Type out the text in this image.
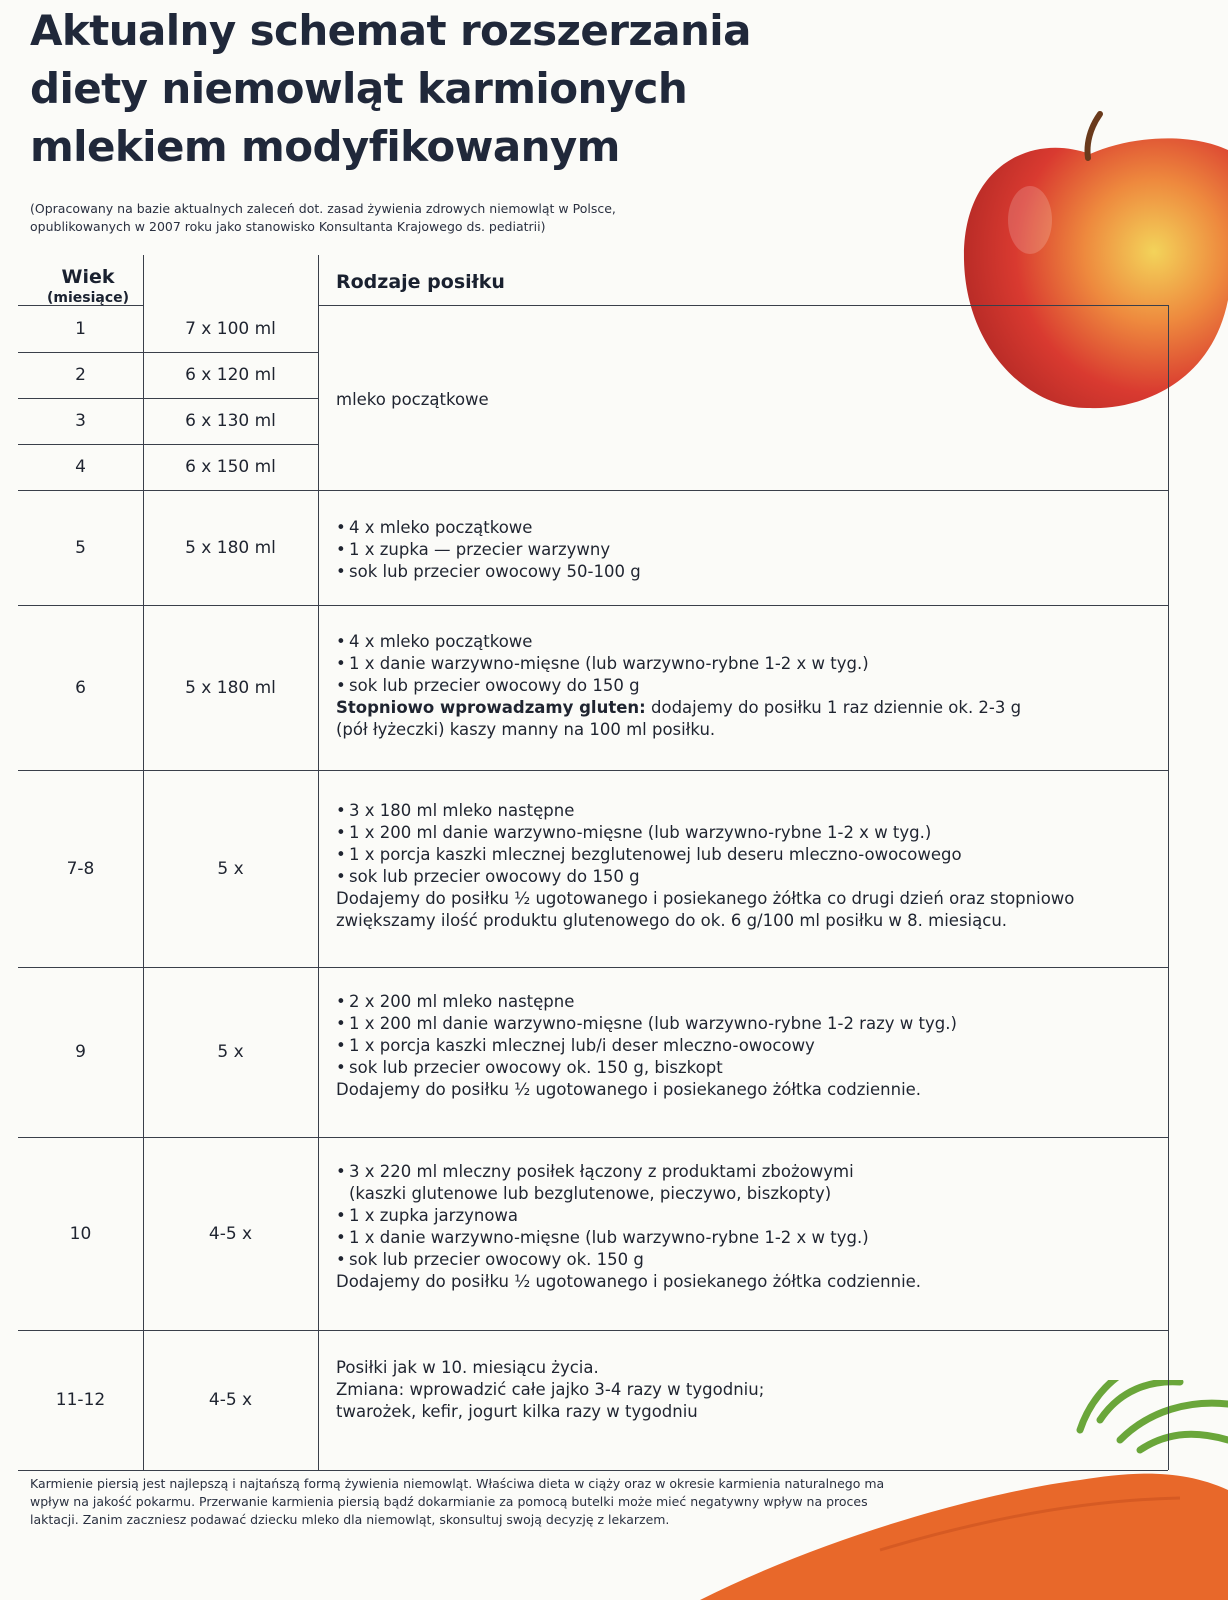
Aktualny schemat rozszerzania
diety niemowląt karmionych
mlekiem modyfikowanym
(Opracowany na bazie aktualnych zaleceń dot. zasad żywienia zdrowych niemowląt w Polsce,
opublikowanych w 2007 roku jako stanowisko Konsultanta Krajowego ds. pediatrii)
Wiek
(miesiące)
Rodzaje posiłku
1	7 x 100 ml
2	6 x 120 ml
3	6 x 130 ml
4	6 x 150 ml
mleko początkowe
5	5 x 180 ml
• 4 x mleko początkowe
• 1 x zupka — przecier warzywny
• sok lub przecier owocowy 50-100 g
6	5 x 180 ml
• 4 x mleko początkowe
• 1 x danie warzywno-mięsne (lub warzywno-rybne 1-2 x w tyg.)
• sok lub przecier owocowy do 150 g

Stopniowo wprowadzamy gluten: dodajemy do posiłku 1 raz dziennie ok. 2-3 g

(pół łyżeczki) kaszy manny na 100 ml posiłku.

7-8	5 x
• 3 x 180 ml mleko następne
• 1 x 200 ml danie warzywno-mięsne (lub warzywno-rybne 1-2 x w tyg.)
• 1 x porcja kaszki mlecznej bezglutenowej lub deseru mleczno-owocowego
• sok lub przecier owocowy do 150 g

Dodajemy do posiłku ½ ugotowanego i posiekanego żółtka co drugi dzień oraz stopniowo

zwiększamy ilość produktu glutenowego do ok. 6 g/100 ml posiłku w 8. miesiącu.

9	5 x
• 2 x 200 ml mleko następne
• 1 x 200 ml danie warzywno-mięsne (lub warzywno-rybne 1-2 razy w tyg.)
• 1 x porcja kaszki mlecznej lub/i deser mleczno-owocowy
• sok lub przecier owocowy ok. 150 g, biszkopt

Dodajemy do posiłku ½ ugotowanego i posiekanego żółtka codziennie.

10	4-5 x
• 3 x 220 ml mleczny posiłek łączony z produktami zbożowymi
(kaszki glutenowe lub bezglutenowe, pieczywo, biszkopty)
• 1 x zupka jarzynowa
• 1 x danie warzywno-mięsne (lub warzywno-rybne 1-2 x w tyg.)
• sok lub przecier owocowy ok. 150 g

Dodajemy do posiłku ½ ugotowanego i posiekanego żółtka codziennie.

11-12	4-5 x

Posiłki jak w 10. miesiącu życia.

Zmiana: wprowadzić całe jajko 3-4 razy w tygodniu;

twarożek, kefir, jogurt kilka razy w tygodniu

Karmienie piersią jest najlepszą i najtańszą formą żywienia niemowląt. Właściwa dieta w ciąży oraz w okresie karmienia naturalnego ma
wpływ na jakość pokarmu. Przerwanie karmienia piersią bądź dokarmianie za pomocą butelki może mieć negatywny wpływ na proces
laktacji. Zanim zaczniesz podawać dziecku mleko dla niemowląt, skonsultuj swoją decyzję z lekarzem.
